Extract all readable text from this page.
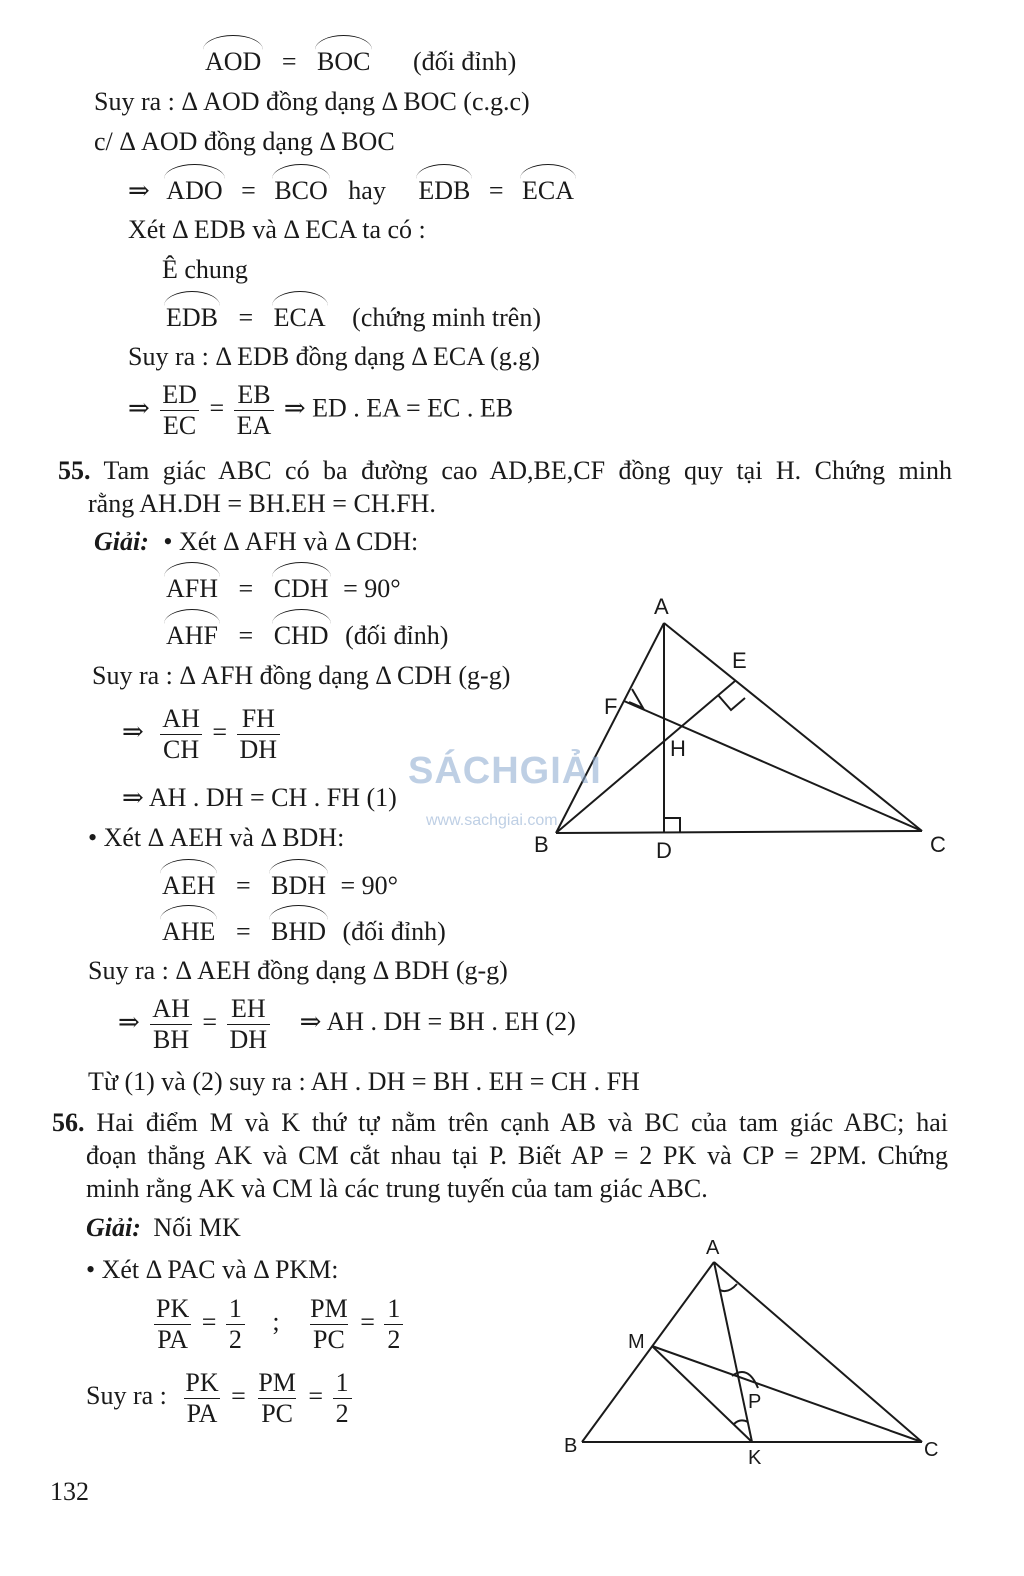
AOD = BOC (đối đỉnh)
Suy ra : Δ AOD đồng dạng Δ BOC (c.g.c)
c/ Δ AOD đồng dạng Δ BOC
⇒ ADO = BCO hay EDB = ECA
Xét Δ EDB và Δ ECA ta có :
Ê chung
EDB = ECA (chứng minh trên)
Suy ra : Δ EDB đồng dạng Δ ECA (g.g)
⇒ $\frac{ED}{EC} = \frac{EB}{EA}$ ⇒ ED . EA = EC . EB
55. Tam giác ABC có ba đường cao AD,BE,CF đồng quy tại H. Chứng minh
rằng AH.DH = BH.EH = CH.FH.
Giải: • Xét Δ AFH và Δ CDH:
AFH = CDH = 90°
AHF = CHD (đối đỉnh)
Suy ra : Δ AFH đồng dạng Δ CDH (g-g)
⇒ $\frac{AH}{CH} = \frac{FH}{DH}$
⇒ AH . DH = CH . FH (1)
• Xét Δ AEH và Δ BDH:
AEH = BDH = 90°
AHE = BHD (đối đỉnh)
Suy ra : Δ AEH đồng dạng Δ BDH (g-g)
⇒ $\frac{AH}{BH} = \frac{EH}{DH}$ ⇒ AH . DH = BH . EH (2)
Từ (1) và (2) suy ra : AH . DH = BH . EH = CH . FH
A
B	C
D
E
F
H
SÁCHGIẢI
www.sachgiai.com
56. Hai điểm M và K thứ tự nằm trên cạnh AB và BC của tam giác ABC; hai
đoạn thẳng AK và CM cắt nhau tại P. Biết AP = 2 PK và CP = 2PM. Chứng
minh rằng AK và CM là các trung tuyến của tam giác ABC.
Giải: Nối MK
• Xét Δ PAC và Δ PKM:
$\frac{PK}{PA} = \frac{1}{2}$ ; $\frac{PM}{PC} = \frac{1}{2}$
Suy ra : $\frac{PK}{PA} = \frac{PM}{PC} = \frac{1}{2}$
A
B	C
M
K
P
132
